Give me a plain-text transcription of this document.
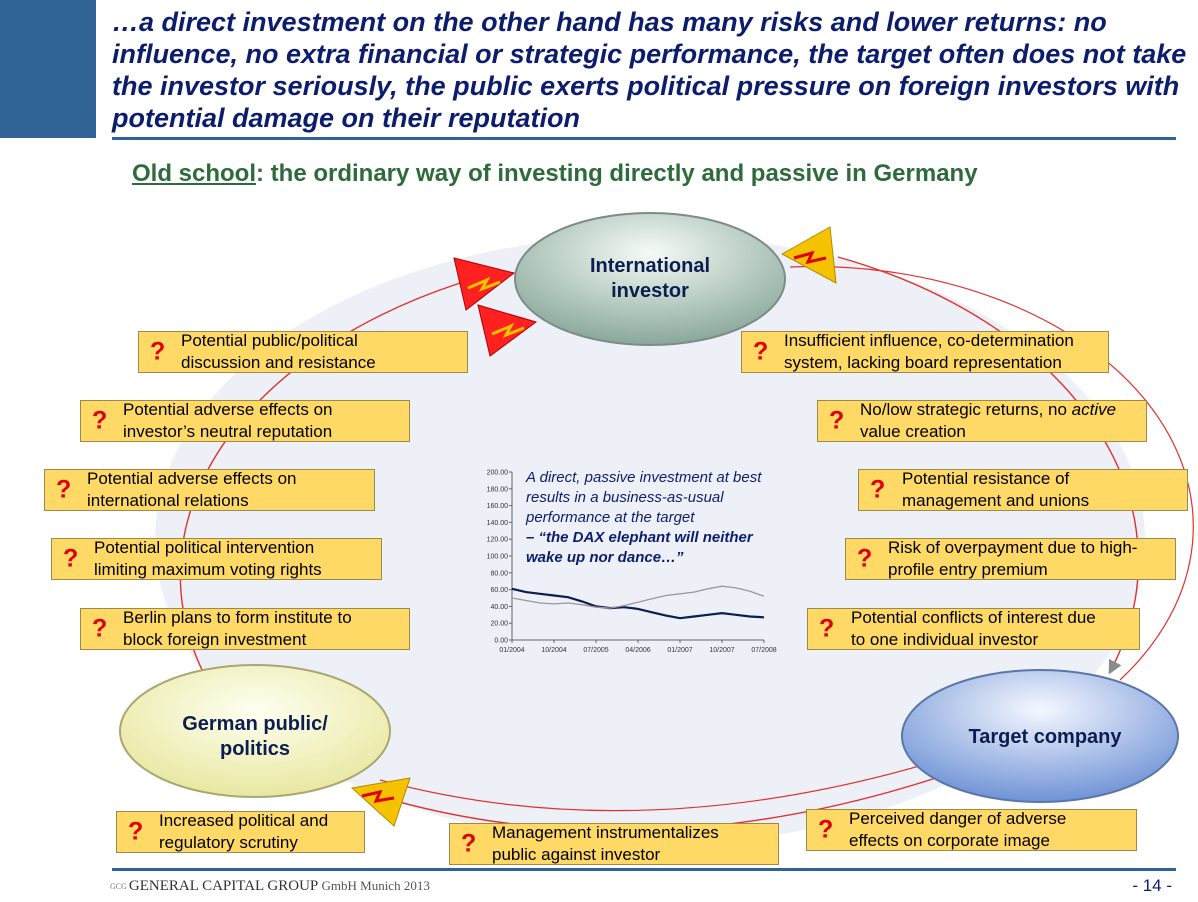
…a direct investment on the other hand has many risks and lower returns: no influence, no extra financial or strategic performance, the target often does not take the investor seriously, the public exerts political pressure on foreign investors with potential damage on their reputation

Old school: the ordinary way of investing directly and passive in Germany

0.00
20.00
40.00
60.00
80.00
100.00
120.00
140.00
160.00
180.00
200.00
01/2004 10/2004 07/2005 04/2006 01/2007 10/2007 07/2008
International investor
German public/ politics
Target company
? Potential public/political
discussion and resistance
? Potential adverse effects on
investor’s neutral reputation
? Potential adverse effects on
international relations
? Potential political intervention
limiting maximum voting rights
? Berlin plans to form institute to
block foreign investment
? Insufficient influence, co-determination
system, lacking board representation
? No/low strategic returns, no active
value creation
? Potential resistance of
management and unions
? Risk of overpayment due to high-
profile entry premium
? Potential conflicts of interest due
to one individual investor
? Increased political and
regulatory scrutiny	? Management instrumentalizes
public against investor
? Perceived danger of adverse
effects on corporate image
A direct, passive investment at best results in a business-as-usual performance at the target
– “the DAX elephant will neither wake up nor dance…”
GCG GENERAL CAPITAL GROUP GmbH Munich 2013	- 14 -
